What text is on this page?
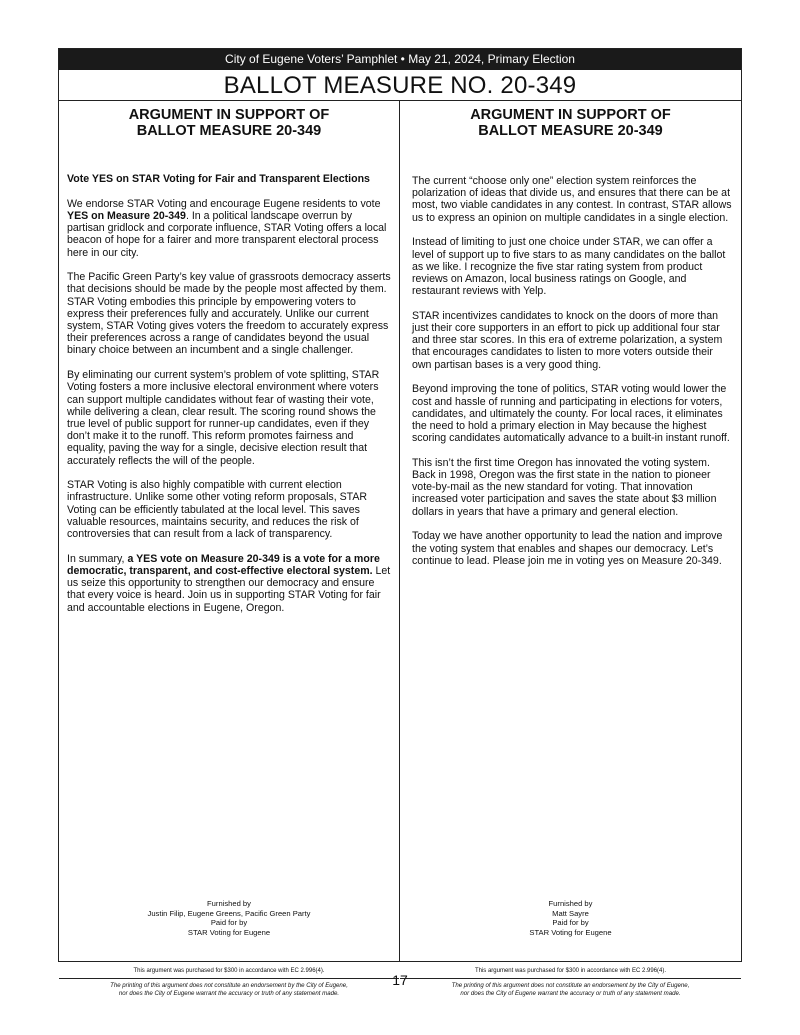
City of Eugene Voters’ Pamphlet • May 21, 2024, Primary Election
BALLOT MEASURE NO. 20-349
ARGUMENT IN SUPPORT OF
BALLOT MEASURE 20-349

Vote YES on STAR Voting for Fair and Transparent Elections

We endorse STAR Voting and encourage Eugene residents to vote YES on Measure 20-349. In a political landscape overrun by partisan gridlock and corporate influence, STAR Voting offers a local beacon of hope for a fairer and more transparent electoral process here in our city.

The Pacific Green Party’s key value of grassroots democracy asserts that decisions should be made by the people most affected by them. STAR Voting embodies this principle by empowering voters to express their preferences fully and accurately. Unlike our current system, STAR Voting gives voters the freedom to accurately express their preferences across a range of candidates beyond the usual binary choice between an incumbent and a single challenger.

By eliminating our current system’s problem of vote splitting, STAR Voting fosters a more inclusive electoral environment where voters can support multiple candidates without fear of wasting their vote, while delivering a clean, clear result. The scoring round shows the true level of public support for runner-up candidates, even if they don’t make it to the runoff. This reform promotes fairness and equality, paving the way for a single, decisive election result that accurately reflects the will of the people.

STAR Voting is also highly compatible with current election infrastructure. Unlike some other voting reform proposals, STAR Voting can be efficiently tabulated at the local level. This saves valuable resources, maintains security, and reduces the risk of controversies that can result from a lack of transparency.

In summary, a YES vote on Measure 20-349 is a vote for a more democratic, transparent, and cost-effective electoral system. Let us seize this opportunity to strengthen our democracy and ensure that every voice is heard. Join us in supporting STAR Voting for fair and accountable elections in Eugene, Oregon.

Furnished by
Justin Filip, Eugene Greens, Pacific Green Party
Paid for by
STAR Voting for Eugene
This argument was purchased for $300 in accordance with EC 2.996(4).
The printing of this argument does not constitute an endorsement by the City of Eugene,
nor does the City of Eugene warrant the accuracy or truth of any statement made.
ARGUMENT IN SUPPORT OF
BALLOT MEASURE 20-349

The current “choose only one” election system reinforces the polarization of ideas that divide us, and ensures that there can be at most, two viable candidates in any contest. In contrast, STAR allows us to express an opinion on multiple candidates in a single election.

Instead of limiting to just one choice under STAR, we can offer a level of support up to five stars to as many candidates on the ballot as we like. I recognize the five star rating system from product reviews on Amazon, local business ratings on Google, and restaurant reviews with Yelp.

STAR incentivizes candidates to knock on the doors of more than just their core supporters in an effort to pick up additional four star and three star scores. In this era of extreme polarization, a system that encourages candidates to listen to more voters outside their own partisan bases is a very good thing.

Beyond improving the tone of politics, STAR voting would lower the cost and hassle of running and participating in elections for voters, candidates, and ultimately the county. For local races, it eliminates the need to hold a primary election in May because the highest scoring candidates automatically advance to a built-in instant runoff.

This isn’t the first time Oregon has innovated the voting system. Back in 1998, Oregon was the first state in the nation to pioneer vote-by-mail as the new standard for voting. That innovation increased voter participation and saves the state about $3 million dollars in years that have a primary and general election.

Today we have another opportunity to lead the nation and improve the voting system that enables and shapes our democracy. Let’s continue to lead. Please join me in voting yes on Measure 20-349.

Furnished by
Matt Sayre
Paid for by
STAR Voting for Eugene
This argument was purchased for $300 in accordance with EC 2.996(4).
The printing of this argument does not constitute an endorsement by the City of Eugene,
nor does the City of Eugene warrant the accuracy or truth of any statement made.
17
